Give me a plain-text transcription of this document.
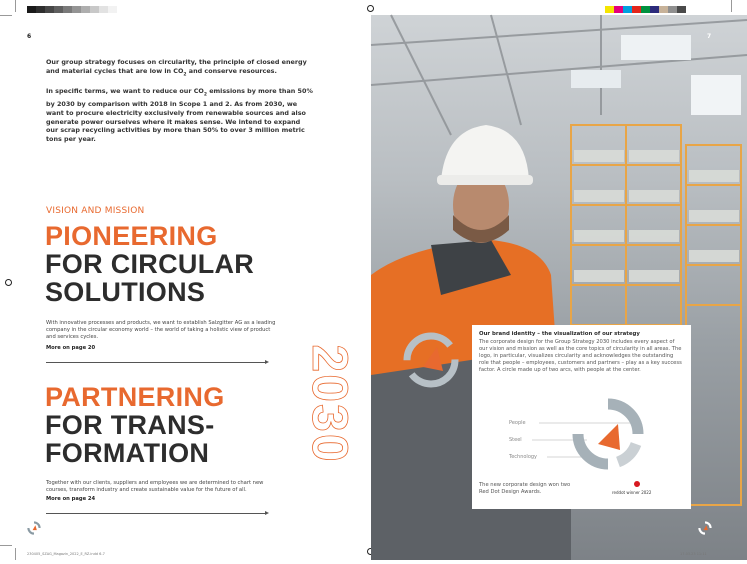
6

Our group strategy focuses on circularity, the principle of closed energy and material cycles that are low in $CO_2$ and conserve resources.

In specific terms, we want to reduce our $CO_2$ emissions by more than 50% by 2030 by comparison with 2018 in Scope 1 and 2. As from 2030, we want to procure electricity exclusively from renewable sources and also generate power ourselves where it makes sense. We intend to expand our scrap recycling activities by more than 50% to over 3 million metric tons per year.

VISION AND MISSION
PIONEERING
FOR CIRCULAR
SOLUTIONS
With innovative processes and products, we want to establish Salzgitter AG as a leading company in the circular economy world – the world of taking a holistic view of product and services cycles.
More on page 20
PARTNERING
FOR TRANS-
FORMATION
Together with our clients, suppliers and employees we are determined to chart new courses, transform industry and create sustainable value for the future of all.
More on page 24
2030
7
Our brand identity – the visualization of our strategy
The corporate design for the Group Strategy 2030 includes every aspect of our vision and mission as well as the core topics of circularity in all areas. The logo, in particular, visualizes circularity and acknowledges the outstanding role that people – employees, customers and partners – play as a key success factor. A circle made up of two arcs, with people at the center.
People
Steel
Technology
The new corporate design won two Red Dot Design Awards.	reddot winner 2022
230405_SZAG_Magazin_2022_E_RZ.indd 6-7	17.03.23 11:11
